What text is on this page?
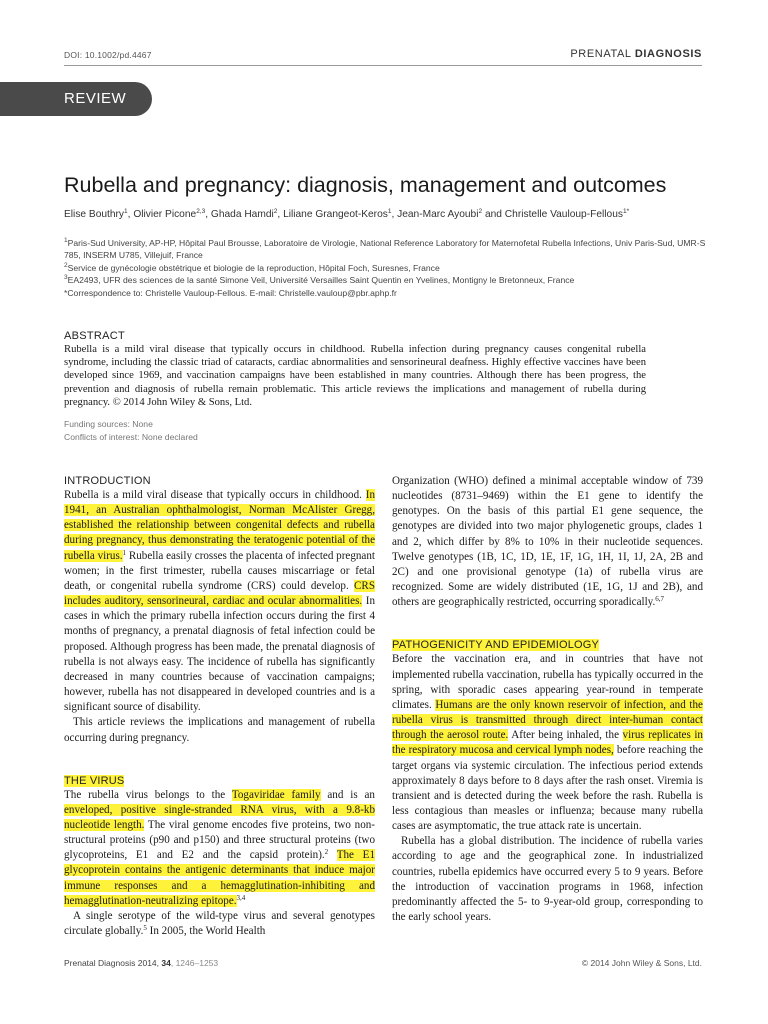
DOI: 10.1002/pd.4467	PRENATAL DIAGNOSIS
REVIEW
Rubella and pregnancy: diagnosis, management and outcomes
Elise Bouthry$^1$, Olivier Picone$^{2,3}$, Ghada Hamdi$^2$, Liliane Grangeot-Keros$^1$, Jean-Marc Ayoubi$^2$ and Christelle Vauloup-Fellous$^{1*}$

$^1$Paris-Sud University, AP-HP, Hôpital Paul Brousse, Laboratoire de Virologie, National Reference Laboratory for Maternofetal Rubella Infections, Univ Paris-Sud, UMR-S 785, INSERM U785, Villejuif, France

$^2$Service de gynécologie obstétrique et biologie de la reproduction, Hôpital Foch, Suresnes, France

$^3$EA2493, UFR des sciences de la santé Simone Veil, Université Versailles Saint Quentin en Yvelines, Montigny le Bretonneux, France

*Correspondence to: Christelle Vauloup-Fellous. E-mail: Christelle.vauloup@pbr.aphp.fr

ABSTRACT
Rubella is a mild viral disease that typically occurs in childhood. Rubella infection during pregnancy causes congenital rubella syndrome, including the classic triad of cataracts, cardiac abnormalities and sensorineural deafness. Highly effective vaccines have been developed since 1969, and vaccination campaigns have been established in many countries. Although there has been progress, the prevention and diagnosis of rubella remain problematic. This article reviews the implications and management of rubella during pregnancy. © 2014 John Wiley & Sons, Ltd.

Funding sources: None

Conflicts of interest: None declared

INTRODUCTION

Rubella is a mild viral disease that typically occurs in childhood. In 1941, an Australian ophthalmologist, Norman McAlister Gregg, established the relationship between congenital defects and rubella during pregnancy, thus demonstrating the teratogenic potential of the rubella virus.$^1$ Rubella easily crosses the placenta of infected pregnant women; in the first trimester, rubella causes miscarriage or fetal death, or congenital rubella syndrome (CRS) could develop. CRS includes auditory, sensorineural, cardiac and ocular abnormalities. In cases in which the primary rubella infection occurs during the first 4 months of pregnancy, a prenatal diagnosis of fetal infection could be proposed. Although progress has been made, the prenatal diagnosis of rubella is not always easy. The incidence of rubella has significantly decreased in many countries because of vaccination campaigns; however, rubella has not disappeared in developed countries and is a significant source of disability.

This article reviews the implications and management of rubella occurring during pregnancy.

THE VIRUS

The rubella virus belongs to the Togaviridae family and is an enveloped, positive single-stranded RNA virus, with a 9.8-kb nucleotide length. The viral genome encodes five proteins, two non-structural proteins (p90 and p150) and three structural proteins (two glycoproteins, E1 and E2 and the capsid protein).$^2$ The E1 glycoprotein contains the antigenic determinants that induce major immune responses and a hemagglutination-inhibiting and hemagglutination-neutralizing epitope.$^{3,4}$

A single serotype of the wild-type virus and several genotypes circulate globally.$^5$ In 2005, the World Health

Organization (WHO) defined a minimal acceptable window of 739 nucleotides (8731–9469) within the E1 gene to identify the genotypes. On the basis of this partial E1 gene sequence, the genotypes are divided into two major phylogenetic groups, clades 1 and 2, which differ by 8% to 10% in their nucleotide sequences. Twelve genotypes (1B, 1C, 1D, 1E, 1F, 1G, 1H, 1I, 1J, 2A, 2B and 2C) and one provisional genotype (1a) of rubella virus are recognized. Some are widely distributed (1E, 1G, 1J and 2B), and others are geographically restricted, occurring sporadically.$^{6,7}$

PATHOGENICITY AND EPIDEMIOLOGY

Before the vaccination era, and in countries that have not implemented rubella vaccination, rubella has typically occurred in the spring, with sporadic cases appearing year-round in temperate climates. Humans are the only known reservoir of infection, and the rubella virus is transmitted through direct inter-human contact through the aerosol route. After being inhaled, the virus replicates in the respiratory mucosa and cervical lymph nodes, before reaching the target organs via systemic circulation. The infectious period extends approximately 8 days before to 8 days after the rash onset. Viremia is transient and is detected during the week before the rash. Rubella is less contagious than measles or influenza; because many rubella cases are asymptomatic, the true attack rate is uncertain.

Rubella has a global distribution. The incidence of rubella varies according to age and the geographical zone. In industrialized countries, rubella epidemics have occurred every 5 to 9 years. Before the introduction of vaccination programs in 1968, infection predominantly affected the 5- to 9-year-old group, corresponding to the early school years.

Prenatal Diagnosis 2014, 34, 1246–1253	© 2014 John Wiley & Sons, Ltd.
